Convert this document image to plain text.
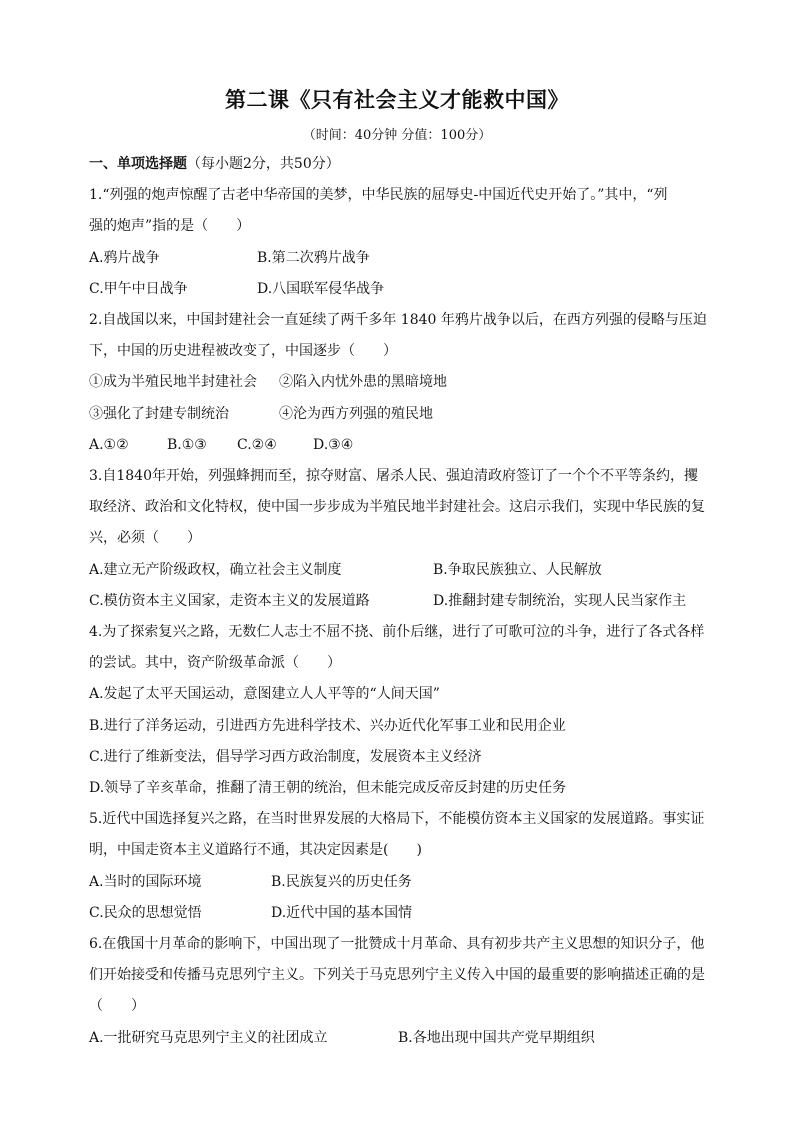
第二课《只有社会主义才能救中国》
（时间：40分钟 分值：100分）
一、单项选择题（每小题2分，共50分）
1.“列强的炮声惊醒了古老中华帝国的美梦，中华民族的屈辱史-中国近代史开始了。”其中，“列
强的炮声”指的是（　　）
A.鸦片战争	B.第二次鸦片战争
C.甲午中日战争	D.八国联军侵华战争
2.自战国以来，中国封建社会一直延续了两千多年 1840 年鸦片战争以后，在西方列强的侵略与压迫
下，中国的历史进程被改变了，中国逐步（　　）
①成为半殖民地半封建社会 ②陷入内忧外患的黑暗境地
③强化了封建专制统治	④沦为西方列强的殖民地
A.①②	B.①③ C.②④	D.③④
3.自1840年开始，列强蜂拥而至，掠夺财富、屠杀人民、强迫清政府签订了一个个不平等条约，攫
取经济、政治和文化特权，使中国一步步成为半殖民地半封建社会。这启示我们，实现中华民族的复
兴，必须（　　）
A.建立无产阶级政权，确立社会主义制度	B.争取民族独立、人民解放
C.模仿资本主义国家，走资本主义的发展道路	D.推翻封建专制统治，实现人民当家作主
4.为了探索复兴之路，无数仁人志士不屈不挠、前仆后继，进行了可歌可泣的斗争，进行了各式各样
的尝试。其中，资产阶级革命派（　　）
A.发起了太平天国运动，意图建立人人平等的“人间天国”
B.进行了洋务运动，引进西方先进科学技术、兴办近代化军事工业和民用企业
C.进行了维新变法，倡导学习西方政治制度，发展资本主义经济
D.领导了辛亥革命，推翻了清王朝的统治，但未能完成反帝反封建的历史任务
5.近代中国选择复兴之路，在当时世界发展的大格局下，不能模仿资本主义国家的发展道路。事实证
明，中国走资本主义道路行不通，其决定因素是(　　)
A.当时的国际环境	B.民族复兴的历史任务
C.民众的思想觉悟	D.近代中国的基本国情
6.在俄国十月革命的影响下，中国出现了一批赞成十月革命、具有初步共产主义思想的知识分子，他
们开始接受和传播马克思列宁主义。下列关于马克思列宁主义传入中国的最重要的影响描述正确的是
（　　）
A.一批研究马克思列宁主义的社团成立	B.各地出现中国共产党早期组织
